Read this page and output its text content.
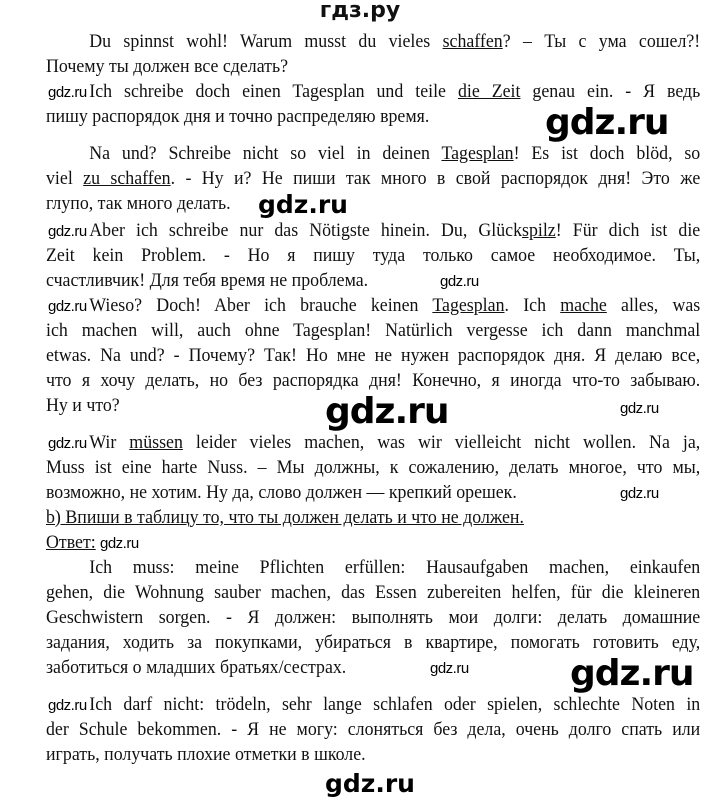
гдз.ру
Du spinnst wohl! Warum musst du vieles schaffen? – Ты с ума сошел?!
Почему ты должен все сделать?
Ich schreibe doch einen Tagesplan und teile die Zeit genau ein. - Я ведь
пишу распорядок дня и точно распределяю время.
Na und? Schreibe nicht so viel in deinen Tagesplan! Es ist doch blöd, so
viel zu schaffen. - Ну и? Не пиши так много в свой распорядок дня! Это же
глупо, так много делать.
Aber ich schreibe nur das Nötigste hinein. Du, Glückspilz! Für dich ist die
Zeit kein Problem. - Но я пишу туда только самое необходимое. Ты,
счастливчик! Для тебя время не проблема.
Wieso? Doch! Aber ich brauche keinen Tagesplan. Ich mache alles, was
ich machen will, auch ohne Tagesplan! Natürlich vergesse ich dann manchmal
etwas. Na und? - Почему? Так! Но мне не нужен распорядок дня. Я делаю все,
что я хочу делать, но без распорядка дня! Конечно, я иногда что-то забываю.
Ну и что?
Wir müssen leider vieles machen, was wir vielleicht nicht wollen. Na ja,
Muss ist eine harte Nuss. – Мы должны, к сожалению, делать многое, что мы,
возможно, не хотим. Ну да, слово должен — крепкий орешек.
b) Впиши в таблицу то, что ты должен делать и что не должен.
Ответ:
Ich muss: meine Pflichten erfüllen: Hausaufgaben machen, einkaufen
gehen, die Wohnung sauber machen, das Essen zubereiten helfen, für die kleineren
Geschwistern sorgen. - Я должен: выполнять мои долги: делать домашние
задания, ходить за покупками, убираться в квартире, помогать готовить еду,
заботиться о младших братьях/сестрах.
Ich darf nicht: trödeln, sehr lange schlafen oder spielen, schlechte Noten in
der Schule bekommen. - Я не могу: слоняться без дела, очень долго спать или
играть, получать плохие отметки в школе.
gdz.ru
gdz.ru
gdz.ru
gdz.ru
gdz.ru
gdz.ru
gdz.ru
gdz.ru
gdz.ru
gdz.ru
gdz.ru
gdz.ru
gdz.ru
gdz.ru
gdz.ru
